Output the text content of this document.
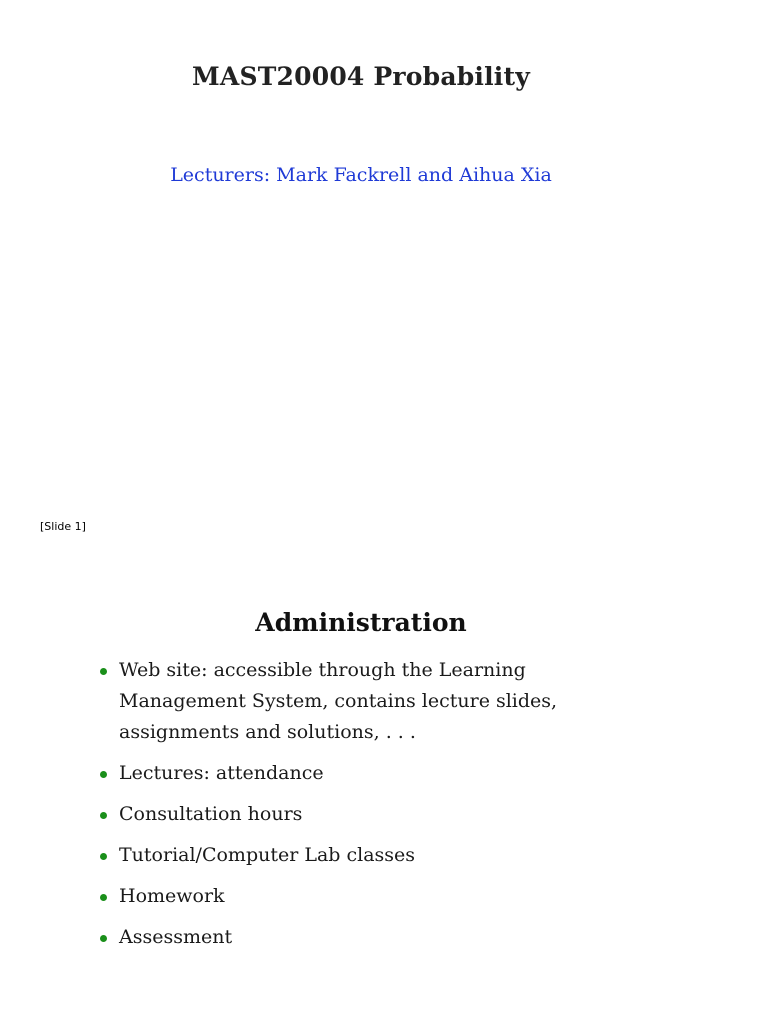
MAST20004 Probability
Lecturers: Mark Fackrell and Aihua Xia
[Slide 1]
Administration
Web site: accessible through the Learning Management System, contains lecture slides, assignments and solutions, . . .
Lectures: attendance
Consultation hours
Tutorial/Computer Lab classes
Homework
Assessment
